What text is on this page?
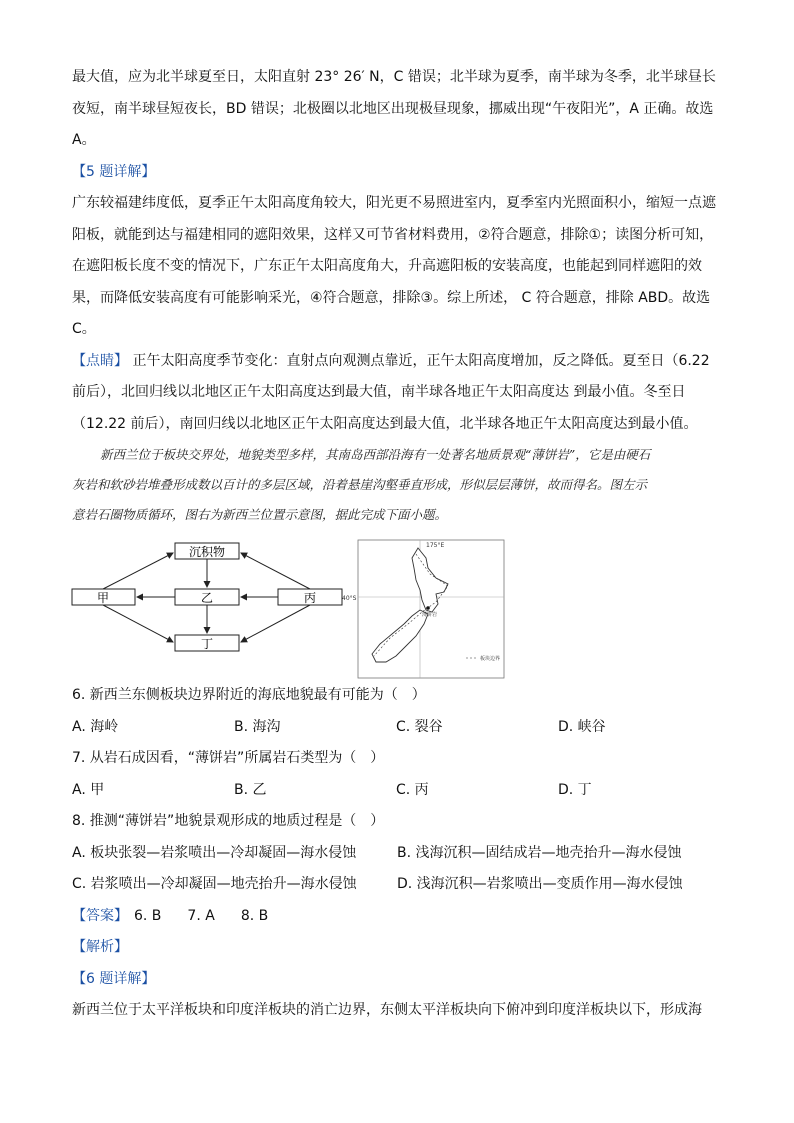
最大值，应为北半球夏至日，太阳直射 23° 26′ N，C 错误；北半球为夏季，南半球为冬季，北半球昼长

夜短，南半球昼短夜长，BD 错误；北极圈以北地区出现极昼现象，挪威出现“午夜阳光”，A 正确。故选

A。

【5 题详解】

广东较福建纬度低，夏季正午太阳高度角较大，阳光更不易照进室内，夏季室内光照面积小，缩短一点遮

阳板，就能到达与福建相同的遮阳效果，这样又可节省材料费用，②符合题意，排除①；读图分析可知，

在遮阳板长度不变的情况下，广东正午太阳高度角大，升高遮阳板的安装高度，也能起到同样遮阳的效

果，而降低安装高度有可能影响采光，④符合题意，排除③。综上所述， C 符合题意，排除 ABD。故选

C。

【点睛】 正午太阳高度季节变化：直射点向观测点靠近，正午太阳高度增加，反之降低。夏至日（6.22

前后），北回归线以北地区正午太阳高度达到最大值，南半球各地正午太阳高度达 到最小值。冬至日

（12.22 前后），南回归线以北地区正午太阳高度达到最大值，北半球各地正午太阳高度达到最小值。

新西兰位于板块交界处，地貌类型多样，其南岛西部沿海有一处著名地质景观“薄饼岩”，它是由硬石

灰岩和软砂岩堆叠形成数以百计的多层区域，沿着悬崖沟壑垂直形成，形似层层薄饼，故而得名。图左示

意岩石圈物质循环，图右为新西兰位置示意图，据此完成下面小题。

沉积物
甲	乙	丙
丁
175°E
40°S
薄饼岩
板块边界

6. 新西兰东侧板块边界附近的海底地貌最有可能为（　）

A. 海岭	B. 海沟	C. 裂谷	D. 峡谷

7. 从岩石成因看，“薄饼岩”所属岩石类型为（　）

A. 甲	B. 乙	C. 丙	D. 丁

8. 推测“薄饼岩”地貌景观形成的地质过程是（　）

A. 板块张裂—岩浆喷出—冷却凝固—海水侵蚀	B. 浅海沉积—固结成岩—地壳抬升—海水侵蚀
C. 岩浆喷出—冷却凝固—地壳抬升—海水侵蚀	D. 浅海沉积—岩浆喷出—变质作用—海水侵蚀

【答案】 6. B 7. A 8. B

【解析】

【6 题详解】

新西兰位于太平洋板块和印度洋板块的消亡边界，东侧太平洋板块向下俯冲到印度洋板块以下，形成海
